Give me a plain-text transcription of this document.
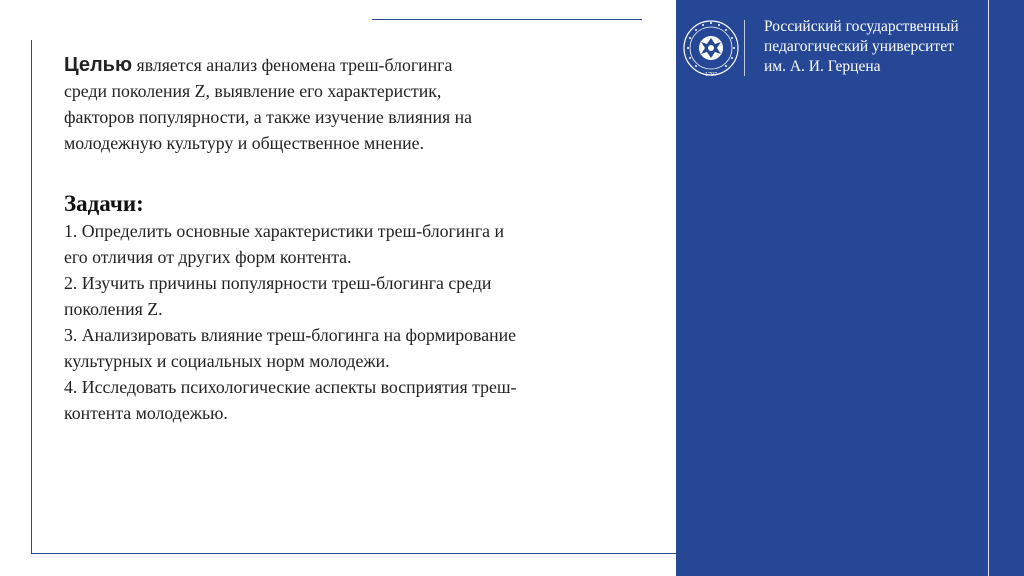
1797
Российский государственный
педагогический университет
им. А. И. Герцена
Целью является анализ феномена треш-блогинга
среди поколения Z, выявление его характеристик,
факторов популярности, а также изучение влияния на
молодежную культуру и общественное мнение.
Задачи:
1. Определить основные характеристики треш-блогинга и
его отличия от других форм контента.
2. Изучить причины популярности треш-блогинга среди
поколения Z.
3. Анализировать влияние треш-блогинга на формирование
культурных и социальных норм молодежи.
4. Исследовать психологические аспекты восприятия треш-
контента молодежью.
